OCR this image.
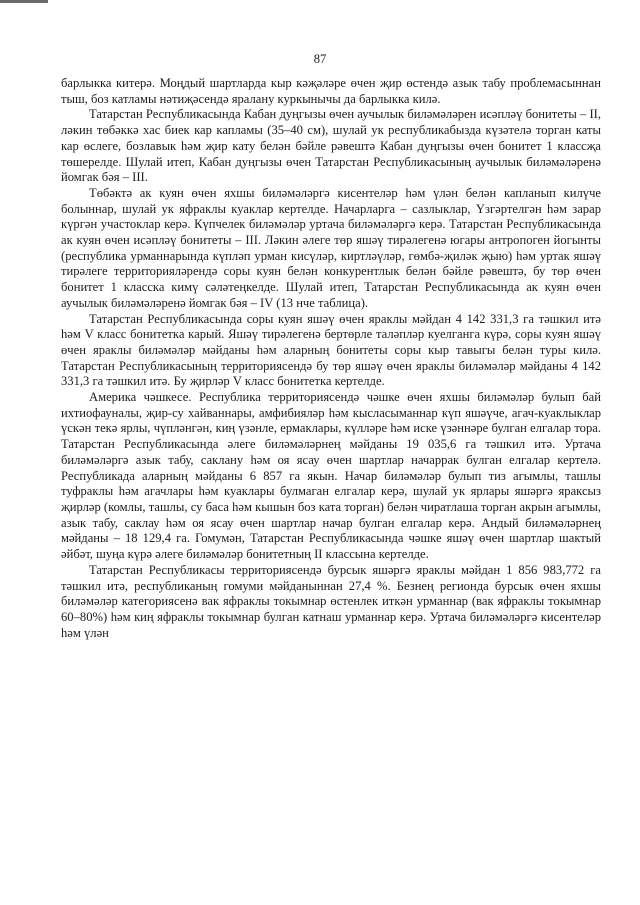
87

барлыкка китерә. Моңдый шартларда кыр кәҗәләре өчен җир өстендә азык табу проблемасыннан тыш, боз катламы нәтиҗәсендә яралану куркынычы да барлыкка килә.

Татарстан Республикасында Кабан дуңгызы өчен аучылык биләмәләрен исәпләү бонитеты – II, ләкин төбәккә хас биек кар капламы (35–40 см), шулай ук республикабызда күзәтелә торган каты кар өслеге, бозлавык һәм җир кату белән бәйле рәвештә Кабан дуңгызы өчен бонитет 1 классҗа төшерелде. Шулай итеп, Кабан дуңгызы өчен Татарстан Республикасының аучылык биләмәләренә йомгак бәя – III.

Төбәктә ак куян өчен яхшы биләмәләргә кисентеләр һәм үлән белән капланып килүче болыннар, шулай ук яфраклы куаклар кертелде. Начарларга – сазлыклар, Үзгәртелгән һәм зарар күргән участоклар керә. Күпчелек биләмәләр уртача биләмәләргә керә. Татарстан Республикасында ак куян өчен исәпләү бонитеты – III. Ләкин әлеге төр яшәү тирәлегенә югары антропоген йогынты (республика урманнарында күпләп урман кисүләр, киртләүләр, гөмбә-җиләк җыю) һәм уртак яшәү тирәлеге территорияләрендә соры куян белән конкурентлык белән бәйле рәвештә, бу төр өчен бонитет 1 класска кимү сәләтеңкелде. Шулай итеп, Татарстан Республикасында ак куян өчен аучылык биләмәләренә йомгак бәя – IV (13 нче таблица).

Татарстан Республикасында соры куян яшәү өчен яраклы мәйдан 4 142 331,3 га тәшкил итә һәм V класс бонитетка карый. Яшәү тирәлегенә бертөрле таләпләр куелганга күрә, соры куян яшәү өчен яраклы биләмәләр мәйданы һәм аларның бонитеты соры кыр тавыгы белән туры килә. Татарстан Республикасының территориясендә бу төр яшәү өчен яраклы биләмәләр мәйданы 4 142 331,3 га тәшкил итә. Бу җирләр V класс бонитетка кертелде.

Америка чәшкесе. Республика территориясендә чәшке өчен яхшы биләмәләр булып бай ихтиофауналы, җир-су хайваннары, амфибияләр һәм кысласыманнар күп яшәүче, агач-куаклыклар үскән текә ярлы, чүпләнгән, киң үзәнле, ермаклары, күлләре һәм иске үзәннәре булган елгалар тора. Татарстан Республикасында әлеге биләмәләрнең мәйданы 19 035,6 га тәшкил итә. Уртача биләмәләргә азык табу, саклану һәм оя ясау өчен шартлар начаррак булган елгалар кертелә. Республикада аларның мәйданы 6 857 га якын. Начар биләмәләр булып тиз агымлы, ташлы туфраклы һәм агачлары һәм куаклары булмаган елгалар керә, шулай ук ярлары яшәргә яраксыз җирләр (комлы, ташлы, су баса һәм кышын боз ката торган) белән чиратлаша торган акрын агымлы, азык табу, саклау һәм оя ясау өчен шартлар начар булган елгалар керә. Андый биләмәләрнең мәйданы – 18 129,4 га. Гомумән, Татарстан Республикасында чәшке яшәү өчен шартлар шактый әйбәт, шуңа күрә әлеге биләмәләр бонитетның II классына кертелде.

Татарстан Республикасы территориясендә бурсык яшәргә яраклы мәйдан 1 856 983,772 га тәшкил итә, республиканың гомуми мәйданыннан 27,4 %. Безнең регионда бурсык өчен яхшы биләмәләр категориясенә вак яфраклы токымнар өстенлек иткән урманнар (вак яфраклы токымнар 60–80%) һәм киң яфраклы токымнар булган катнаш урманнар керә. Уртача биләмәләргә кисентеләр һәм үлән
